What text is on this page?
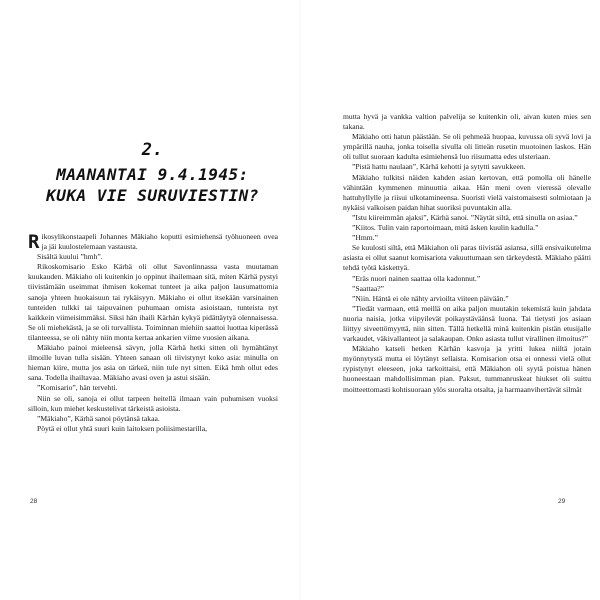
2.
MAANANTAI 9.4.1945:
KUKA VIE SURUVIESTIN?

Rikosylikonstaapeli Johannes Mäkiaho koputti esimiehensä työhuoneen ovea ja jäi kuulostelemaan vastausta.

Sisältä kuului ”hmh”.

Rikoskomisario Esko Kärhä oli ollut Savonlinnassa vasta muutaman kuukauden. Mäkiaho oli kuitenkin jo oppinut ihailemaan sitä, miten Kärhä pystyi tiivistämään useimmat ihmisen kokemat tunteet ja aika paljon lausumattomia sanoja yhteen huokaisuun tai rykäisyyn. Mäkiaho ei ollut itsekään varsinainen tunteiden tulkki tai taipuvainen puhumaan omista asioistaan, tunteista nyt kaikkein viimeisimmäksi. Siksi hän ihaili Kärhän kykyä pidättäytyä olennaisessa. Se oli miehekästä, ja se oli turvallista. Toiminnan miehiin saattoi luottaa kiperässä tilanteessa, se oli nähty niin monta kertaa ankarien viime vuosien aikana.

Mäkiaho painoi mieleensä sävyn, jolla Kärhä hetki sitten oli hymähtänyt ilmoille luvan tulla sisään. Yhteen sanaan oli tiivistynyt koko asia: minulla on hieman kiire, mutta jos asia on tärkeä, niin tule nyt sitten. Eikä hmh ollut edes sana. Todella ihailtavaa. Mäkiaho avasi oven ja astui sisään.

”Komisario”, hän tervehti.

Niin se oli, sanoja ei ollut tarpeen heitellä ilmaan vain puhumisen vuoksi silloin, kun miehet keskustelivat tärkeistä asioista.

”Mäkiaho”, Kärhä sanoi pöytänsä takaa.

Pöytä ei ollut yhtä suuri kuin laitoksen poliisimestarilla,

28

mutta hyvä ja vankka valtion palvelija se kuitenkin oli, aivan kuten mies sen takana.

Mäkiaho otti hatun päästään. Se oli pehmeää huopaa, kuvussa oli syvä lovi ja ympärillä nauha, jonka toisella sivulla oli litteän rusetin muotoinen laskos. Hän oli tullut suoraan kadulta esimiehensä luo riisumatta edes ulsteriaan.

”Pistä hattu naulaan”, Kärhä kehotti ja sytytti savukkeen.

Mäkiaho tulkitsi näiden kahden asian kertovan, että pomolla oli hänelle vähintään kymmenen minuuttia aikaa. Hän meni oven vieressä olevalle hattuhyllylle ja riisui ulkotamineensa. Suoristi vielä vaistomaisesti solmiotaan ja nykäisi valkoisen paidan hihat suoriksi puvuntakin alla.

”Istu kiireimmän ajaksi”, Kärhä sanoi. ”Näytät siltä, että sinulla on asiaa.”

”Kiitos. Tulin vain raportoimaan, mitä äsken kuulin kadulla.”

”Hmm.”

Se kuulosti siltä, että Mäkiahon oli paras tiivistää asiansa, sillä ensivaikutelma asiasta ei ollut saanut komisariota vakuuttumaan sen tärkeydestä. Mäkiaho päätti tehdä työtä käskettyä.

”Eräs nuori nainen saattaa olla kadonnut.”

”Saattaa?”

”Niin. Häntä ei ole nähty arvioilta viiteen päivään.”

”Tiedät varmaan, että meillä on aika paljon muutakin tekemistä kuin jahdata nuoria naisia, jotka viipyilevät poikaystäväänsä luona. Tai tietysti jos asiaan liittyy siveettömyyttä, niin sitten. Tällä hetkellä minä kuitenkin pistän etusijalle varkaudet, väkivallanteot ja salakaupan. Onko asiasta tullut virallinen ilmoitus?”

Mäkiaho katseli hetken Kärhän kasvoja ja yritti lukea niiltä jotain myönnytystä mutta ei löytänyt sellaista. Komisarion otsa ei onnessi vielä ollut rypistynyt eleeseen, joka tarkoittaisi, että Mäkiahon oli syytä poistua hänen huoneestaan mahdollisimman pian. Paksut, tummanruskeat hiukset oli suittu moitteettomasti kohtisuoraan ylös suoralta otsalta, ja harmaanvihertävät silmät

29
